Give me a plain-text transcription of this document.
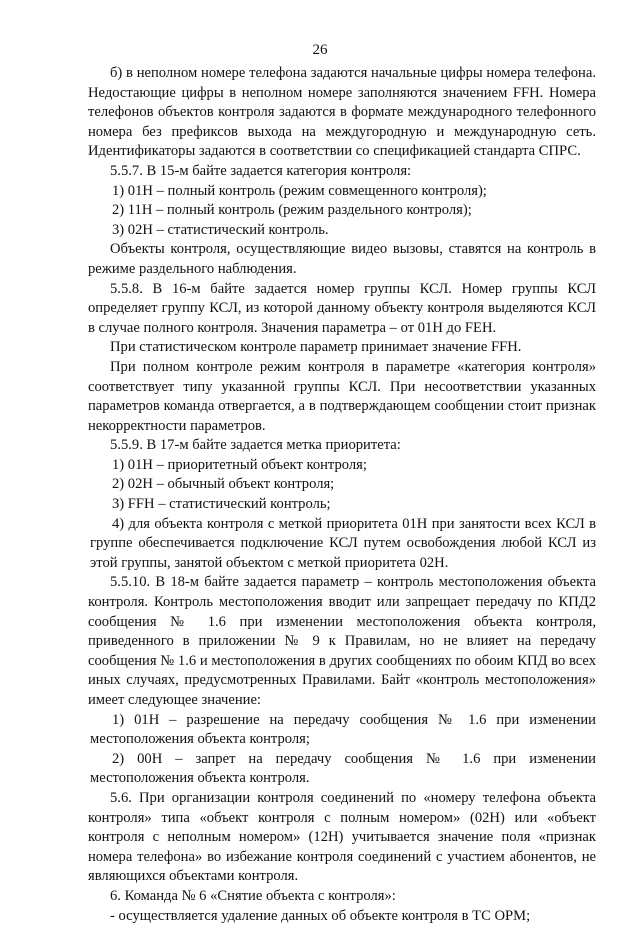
26

б) в неполном номере телефона задаются начальные цифры номера телефона. Недостающие цифры в неполном номере заполняются значением FFH. Номера телефонов объектов контроля задаются в формате международного телефонного номера без префиксов выхода на междугородную и международную сеть. Идентификаторы задаются в соответствии со спецификацией стандарта СПРС.

5.5.7. В 15-м байте задается категория контроля:

1) 01Н – полный контроль (режим совмещенного контроля);

2) 11Н – полный контроль (режим раздельного контроля);

3) 02Н – статистический контроль.

Объекты контроля, осуществляющие видео вызовы, ставятся на контроль в режиме раздельного наблюдения.

5.5.8. В 16-м байте задается номер группы КСЛ. Номер группы КСЛ определяет группу КСЛ, из которой данному объекту контроля выделяются КСЛ в случае полного контроля. Значения параметра – от 01Н до FEH.

При статистическом контроле параметр принимает значение FFH.

При полном контроле режим контроля в параметре «категория контроля» соответствует типу указанной группы КСЛ. При несоответствии указанных параметров команда отвергается, а в подтверждающем сообщении стоит признак некорректности параметров.

5.5.9. В 17-м байте задается метка приоритета:

1) 01Н – приоритетный объект контроля;

2) 02Н – обычный объект контроля;

3) FFH – статистический контроль;

4) для объекта контроля с меткой приоритета 01Н при занятости всех КСЛ в группе обеспечивается подключение КСЛ путем освобождения любой КСЛ из этой группы, занятой объектом с меткой приоритета 02Н.

5.5.10. В 18-м байте задается параметр – контроль местоположения объекта контроля. Контроль местоположения вводит или запрещает передачу по КПД2 сообщения № 1.6 при изменении местоположения объекта контроля, приведенного в приложении № 9 к Правилам, но не влияет на передачу сообщения № 1.6 и местоположения в других сообщениях по обоим КПД во всех иных случаях, предусмотренных Правилами. Байт «контроль местоположения» имеет следующее значение:

1) 01Н – разрешение на передачу сообщения № 1.6 при изменении местоположения объекта контроля;

2) 00Н – запрет на передачу сообщения № 1.6 при изменении местоположения объекта контроля.

5.6. При организации контроля соединений по «номеру телефона объекта контроля» типа «объект контроля с полным номером» (02Н) или «объект контроля с неполным номером» (12Н) учитывается значение поля «признак номера телефона» во избежание контроля соединений с участием абонентов, не являющихся объектами контроля.

6. Команда № 6 «Снятие объекта с контроля»:

- осуществляется удаление данных об объекте контроля в ТС ОРМ;
